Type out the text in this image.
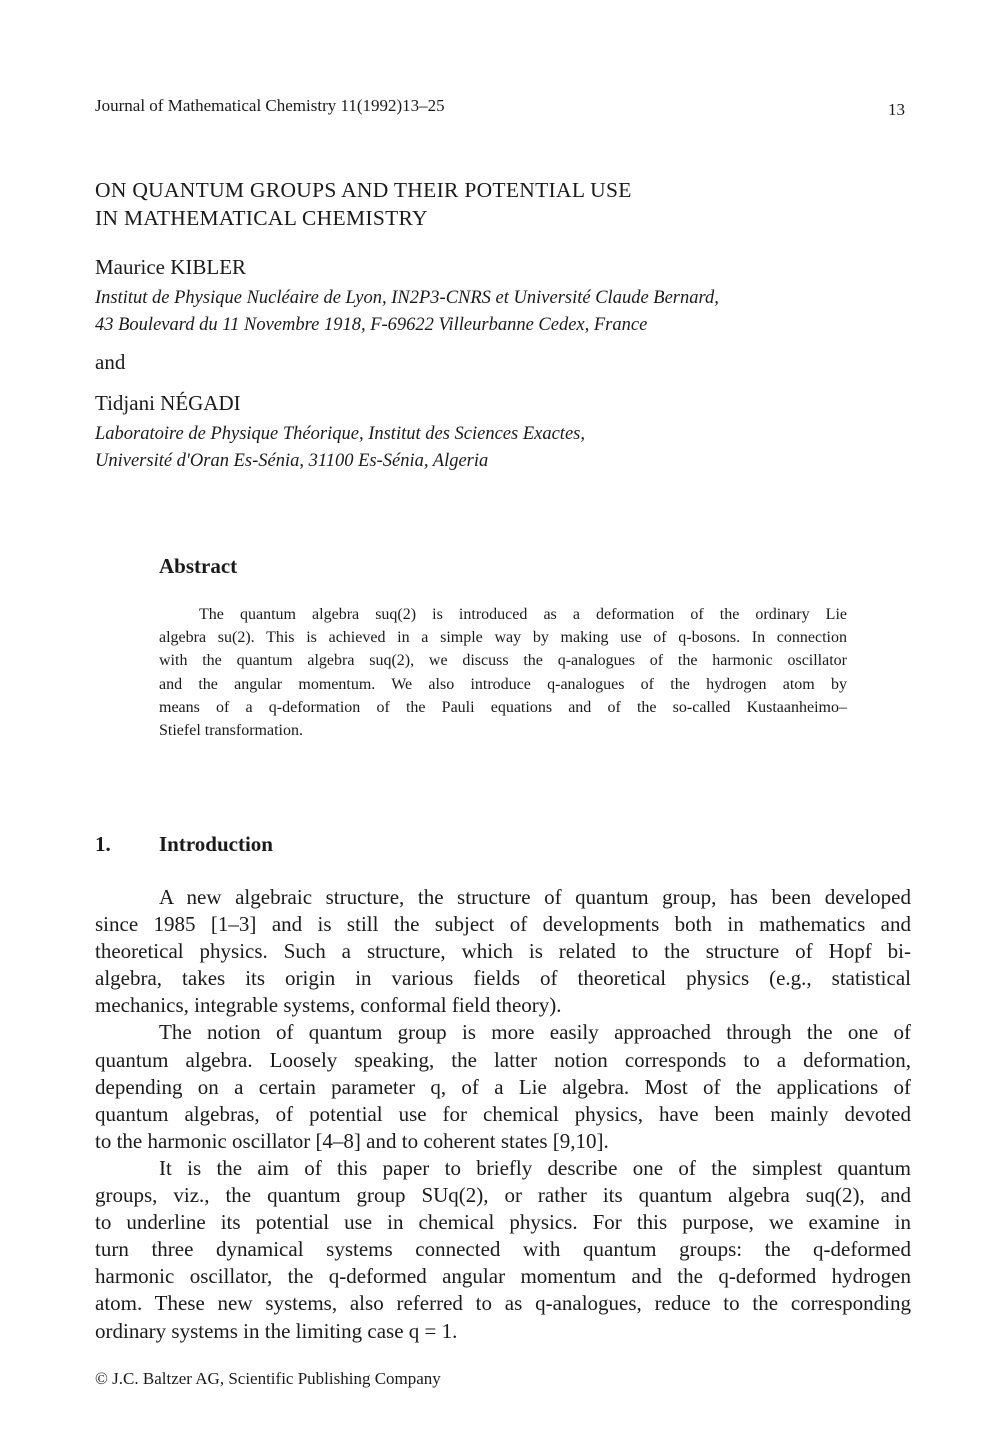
Journal of Mathematical Chemistry 11(1992)13–25	13
ON QUANTUM GROUPS AND THEIR POTENTIAL USE
IN MATHEMATICAL CHEMISTRY
Maurice KIBLER
Institut de Physique Nucléaire de Lyon, IN2P3-CNRS et Université Claude Bernard,
43 Boulevard du 11 Novembre 1918, F-69622 Villeurbanne Cedex, France
and
Tidjani NÉGADI
Laboratoire de Physique Théorique, Institut des Sciences Exactes,
Université d'Oran Es-Sénia, 31100 Es-Sénia, Algeria
Abstract

The quantum algebra suq(2) is introduced as a deformation of the ordinary Lie
algebra su(2). This is achieved in a simple way by making use of q-bosons. In connection
with the quantum algebra suq(2), we discuss the q-analogues of the harmonic oscillator
and the angular momentum. We also introduce q-analogues of the hydrogen atom by
means of a q-deformation of the Pauli equations and of the so-called Kustaanheimo–
Stiefel transformation.

1. Introduction
A new algebraic structure, the structure of quantum group, has been developed
since 1985 [1–3] and is still the subject of developments both in mathematics and
theoretical physics. Such a structure, which is related to the structure of Hopf bi-
algebra, takes its origin in various fields of theoretical physics (e.g., statistical
mechanics, integrable systems, conformal field theory).
The notion of quantum group is more easily approached through the one of
quantum algebra. Loosely speaking, the latter notion corresponds to a deformation,
depending on a certain parameter q, of a Lie algebra. Most of the applications of
quantum algebras, of potential use for chemical physics, have been mainly devoted
to the harmonic oscillator [4–8] and to coherent states [9,10].
It is the aim of this paper to briefly describe one of the simplest quantum
groups, viz., the quantum group SUq(2), or rather its quantum algebra suq(2), and
to underline its potential use in chemical physics. For this purpose, we examine in
turn three dynamical systems connected with quantum groups: the q-deformed
harmonic oscillator, the q-deformed angular momentum and the q-deformed hydrogen
atom. These new systems, also referred to as q-analogues, reduce to the corresponding
ordinary systems in the limiting case q = 1.
© J.C. Baltzer AG, Scientific Publishing Company
